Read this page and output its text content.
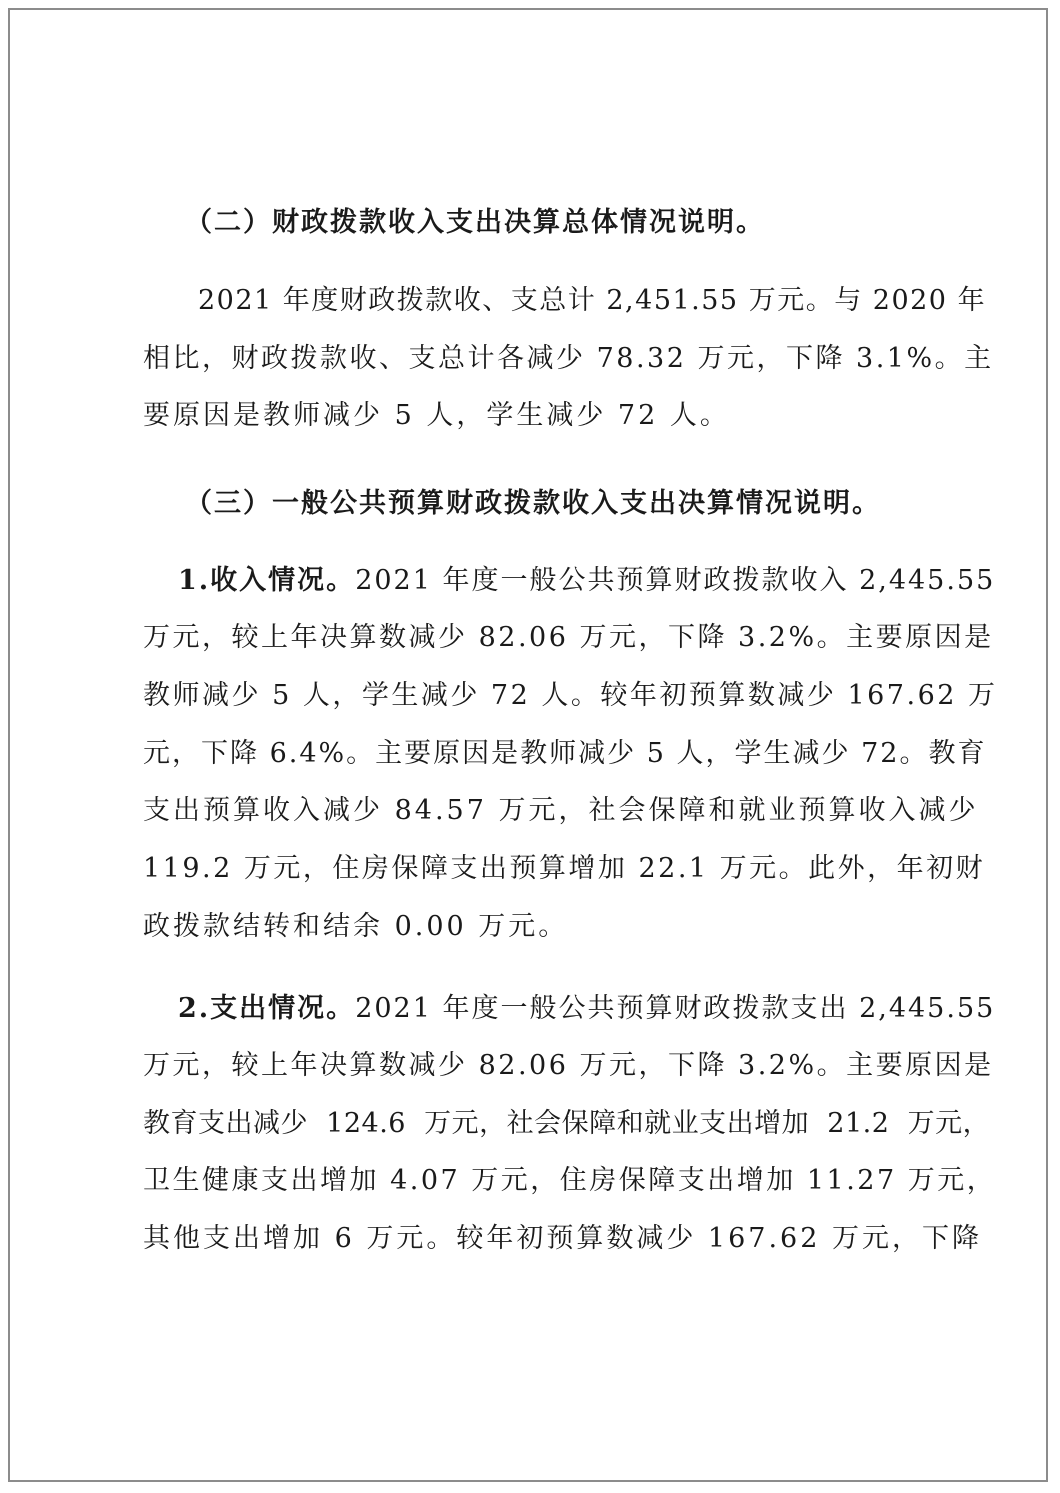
（二）财政拨款收入支出决算总体情况说明。

2021 年度财政拨款收、支总计 2,451.55 万元。与 2020 年

相比，财政拨款收、支总计各减少 78.32 万元，下降 3.1%。主

要原因是教师减少 5 人，学生减少 72 人。

（三）一般公共预算财政拨款收入支出决算情况说明。

1.收入情况。2021 年度一般公共预算财政拨款收入 2,445.55

万元，较上年决算数减少 82.06 万元，下降 3.2%。主要原因是

教师减少 5 人，学生减少 72 人。较年初预算数减少 167.62 万

元，下降 6.4%。主要原因是教师减少 5 人，学生减少 72。教育

支出预算收入减少 84.57 万元，社会保障和就业预算收入减少

119.2 万元，住房保障支出预算增加 22.1 万元。此外，年初财

政拨款结转和结余 0.00 万元。

2.支出情况。2021 年度一般公共预算财政拨款支出 2,445.55

万元，较上年决算数减少 82.06 万元，下降 3.2%。主要原因是

教育支出减少  124.6  万元，社会保障和就业支出增加  21.2  万元，

卫生健康支出增加 4.07 万元，住房保障支出增加 11.27 万元，

其他支出增加 6 万元。较年初预算数减少 167.62 万元，下降
